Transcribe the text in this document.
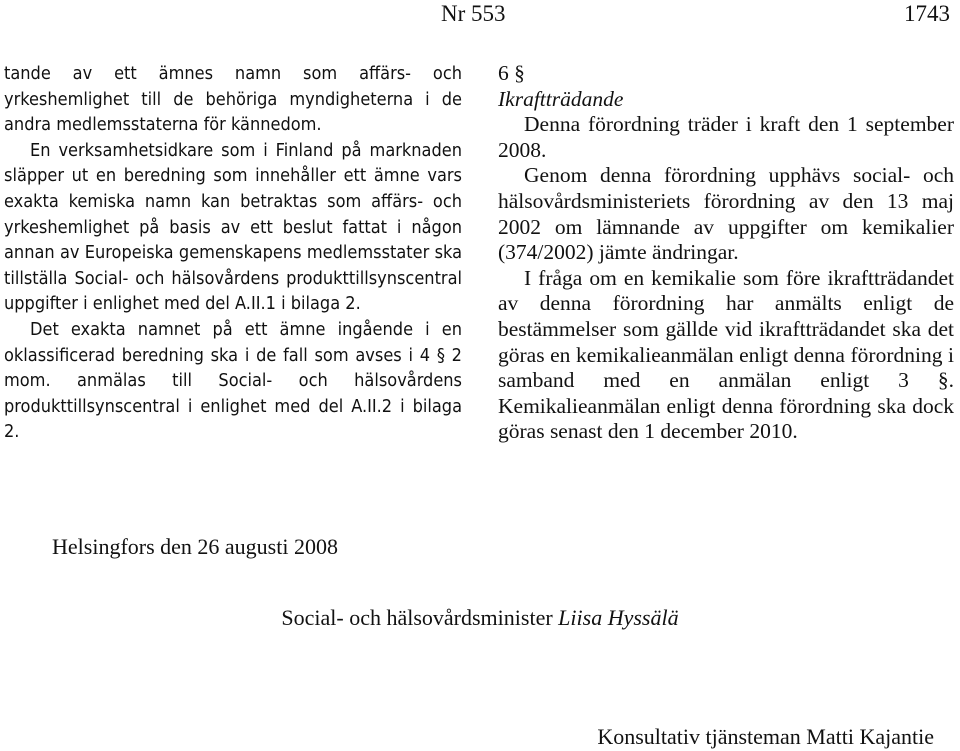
Nr 553	1743

tande av ett ämnes namn som affärs- och yrkeshemlighet till de behöriga myndigheterna i de andra medlemsstaterna för kännedom.

En verksamhetsidkare som i Finland på marknaden släpper ut en beredning som innehåller ett ämne vars exakta kemiska namn kan betraktas som affärs- och yrkeshemlighet på basis av ett beslut fattat i någon annan av Europeiska gemenskapens medlemsstater ska tillställa Social- och hälsovårdens produkttillsynscentral uppgifter i enlighet med del A.II.1 i bilaga 2.

Det exakta namnet på ett ämne ingående i en oklassificerad beredning ska i de fall som avses i 4 § 2 mom. anmälas till Social- och hälsovårdens produkttillsynscentral i enlighet med del A.II.2 i bilaga 2.

6 §

Ikraftträdande

Denna förordning träder i kraft den 1 september 2008.

Genom denna förordning upphävs social- och hälsovårdsministeriets förordning av den 13 maj 2002 om lämnande av uppgifter om kemikalier (374/2002) jämte ändringar.

I fråga om en kemikalie som före ikraftträdandet av denna förordning har anmälts enligt de bestämmelser som gällde vid ikraftträdandet ska det göras en kemikalieanmälan enligt denna förordning i samband med en anmälan enligt 3 §. Kemikalieanmälan enligt denna förordning ska dock göras senast den 1 december 2010.

Helsingfors den 26 augusti 2008
Social- och hälsovårdsminister Liisa Hyssälä
Konsultativ tjänsteman Matti Kajantie
